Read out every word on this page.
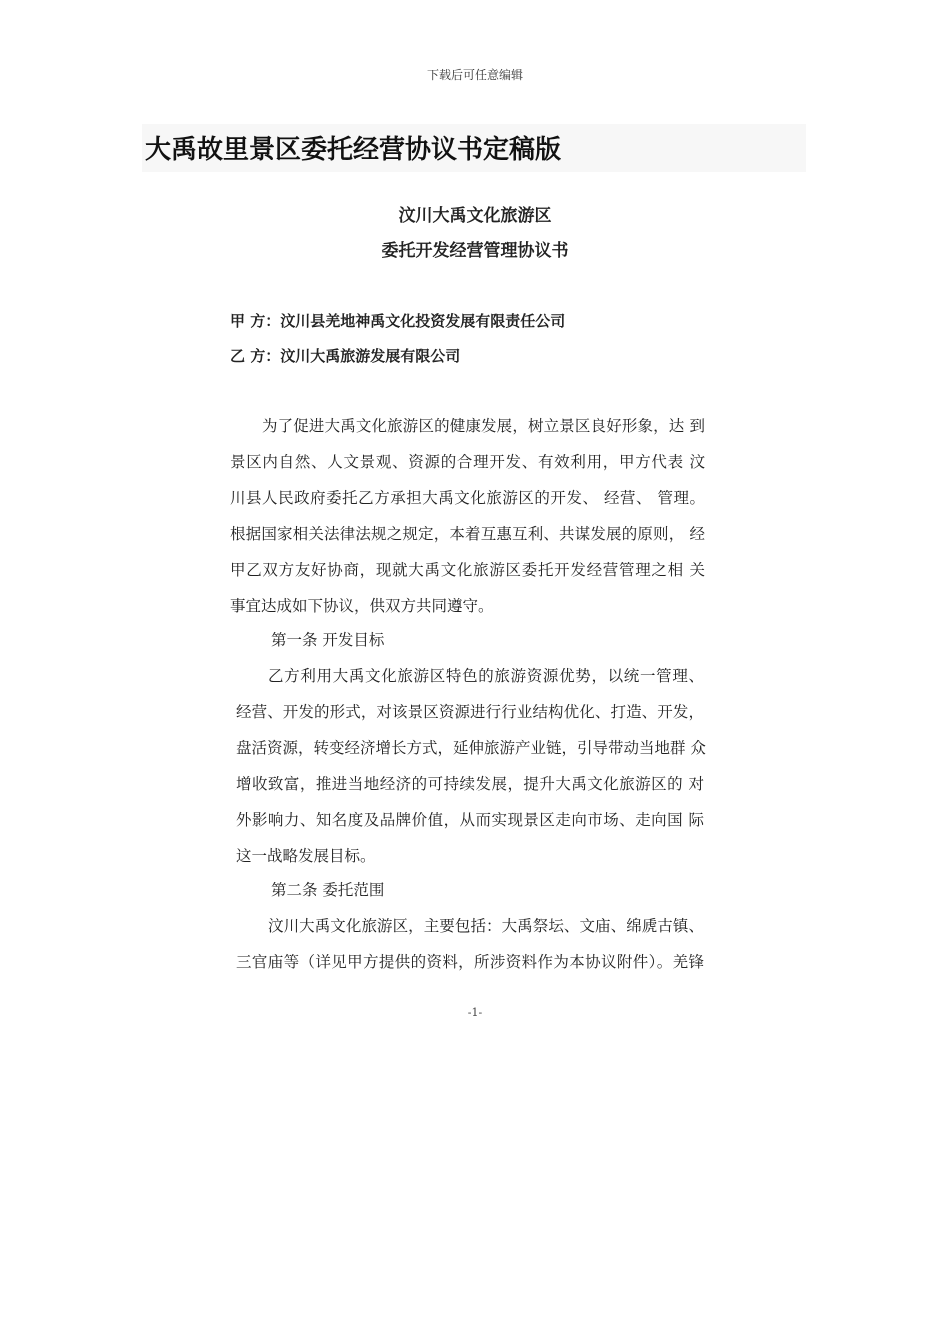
下载后可任意编辑
大禹故里景区委托经营协议书定稿版
汶川大禹文化旅游区
委托开发经营管理协议书
甲 方：汶川县羌地神禹文化投资发展有限责任公司
乙 方：汶川大禹旅游发展有限公司
为了促进大禹文化旅游区的健康发展，树立景区良好形象，达 到
景区内自然、人文景观、资源的合理开发、有效利用，甲方代表 汶
川县人民政府委托乙方承担大禹文化旅游区的开发、 经营、 管理。
根据国家相关法律法规之规定，本着互惠互利、共谋发展的原则， 经
甲乙双方友好协商，现就大禹文化旅游区委托开发经营管理之相 关
事宜达成如下协议，供双方共同遵守。
第一条 开发目标
乙方利用大禹文化旅游区特色的旅游资源优势，以统一管理、
经营、开发的形式，对该景区资源进行行业结构优化、打造、开发，
盘活资源，转变经济增长方式，延伸旅游产业链，引导带动当地群 众
增收致富，推进当地经济的可持续发展，提升大禹文化旅游区的 对
外影响力、知名度及品牌价值，从而实现景区走向市场、走向国 际
这一战略发展目标。
第二条 委托范围
汶川大禹文化旅游区，主要包括：大禹祭坛、文庙、绵虒古镇、
三官庙等（详见甲方提供的资料，所涉资料作为本协议附件）。羌锋
-1-
